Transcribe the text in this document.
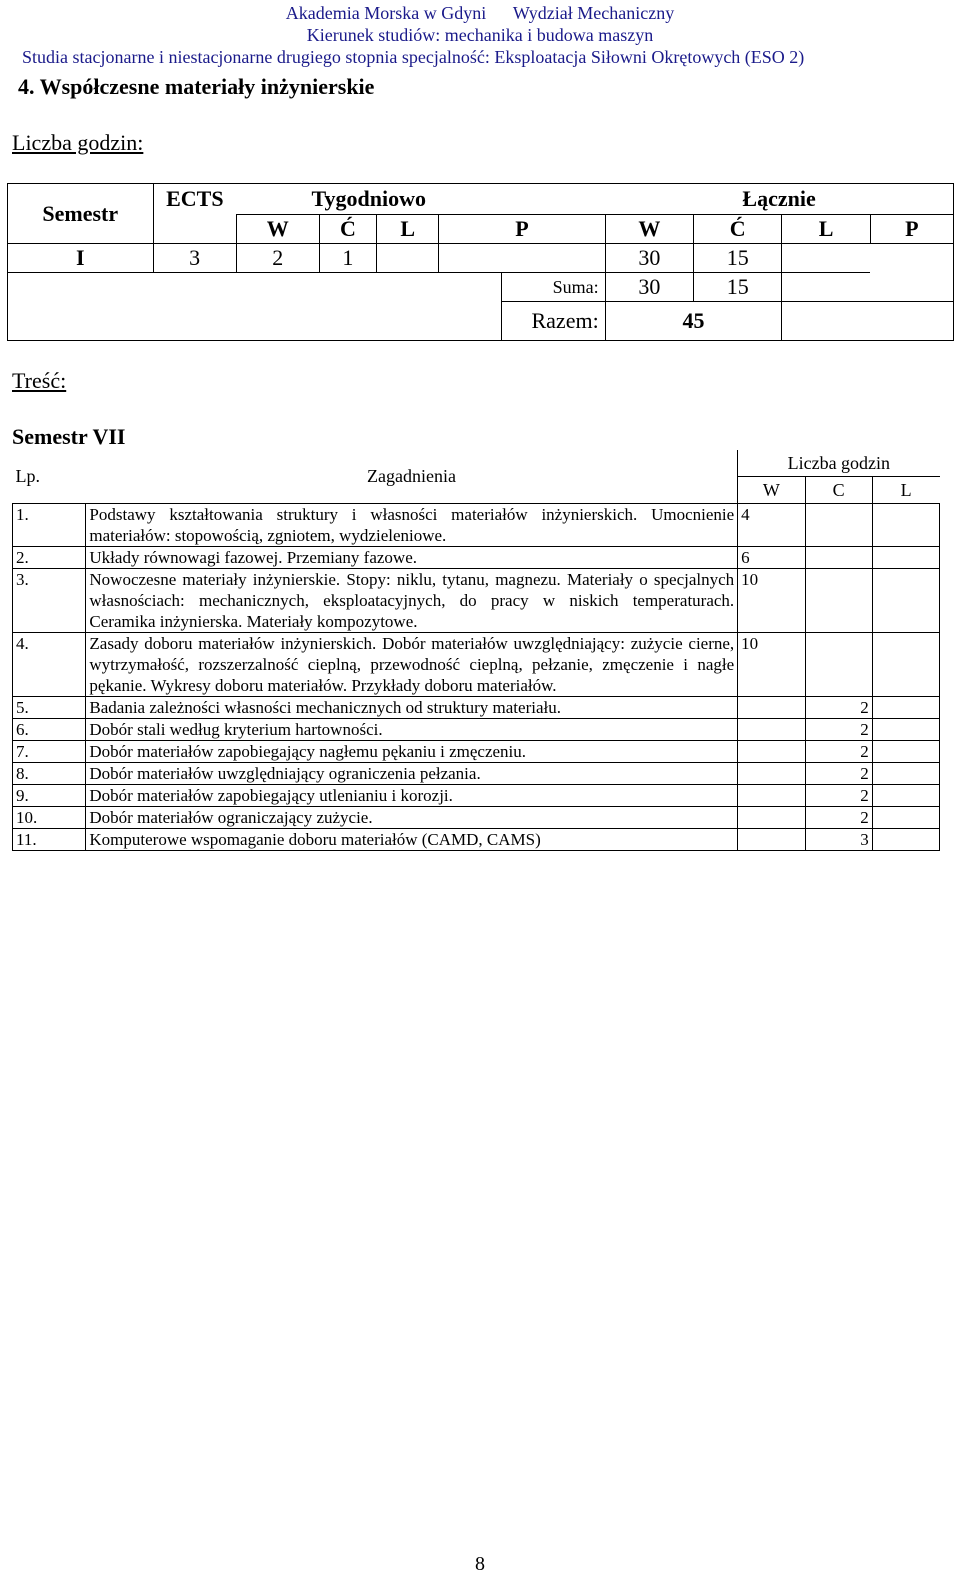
Akademia Morska w Gdyni      Wydział Mechaniczny
Kierunek studiów: mechanika i budowa maszyn
Studia stacjonarne i niestacjonarne drugiego stopnia specjalność: Eksploatacja Siłowni Okrętowych (ESO 2)
4. Współczesne materiały inżynierskie
Liczba godzin:
Semestr	ECTS	Tygodniowo					Łącznie			
		W	Ć	L	P		W	Ć	L	P
I	3	2	1				30	15		
						Suma:	30	15		
						Razem:	45			
Treść:
Semestr VII
Lp.	Zagadnienia	Liczba godzin		
		W	C	L
1.	Podstawy kształtowania struktury i własności materiałów inżynierskich. Umocnienie materiałów: stopowością, zgniotem, wydzieleniowe.	4		
2.	Układy równowagi fazowej. Przemiany fazowe.	6		
3.	Nowoczesne materiały inżynierskie. Stopy: niklu, tytanu, magnezu. Materiały o specjalnych własnościach: mechanicznych, eksploatacyjnych, do pracy w niskich temperaturach. Ceramika inżynierska. Materiały kompozytowe.	10		
4.	Zasady doboru materiałów inżynierskich. Dobór materiałów uwzględniający: zużycie cierne, wytrzymałość, rozszerzalność cieplną, przewodność cieplną, pełzanie, zmęczenie i nagłe pękanie. Wykresy doboru materiałów. Przykłady doboru materiałów.	10		
5.	Badania zależności własności mechanicznych od struktury materiału.		2	
6.	Dobór stali według kryterium hartowności.		2	
7.	Dobór materiałów zapobiegający nagłemu pękaniu i zmęczeniu.		2	
8.	Dobór materiałów uwzględniający ograniczenia pełzania.		2	
9.	Dobór materiałów zapobiegający utlenianiu i korozji.		2	
10.	Dobór materiałów ograniczający zużycie.		2	
11.	Komputerowe wspomaganie doboru materiałów (CAMD, CAMS)		3	
8
